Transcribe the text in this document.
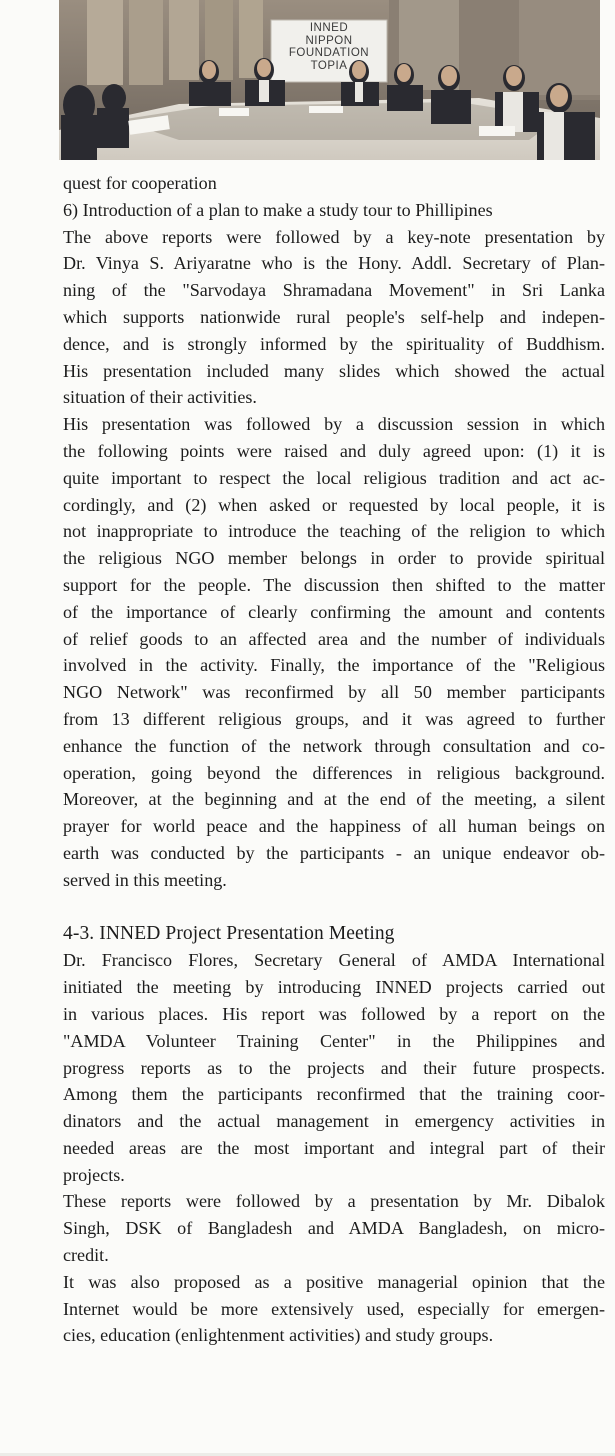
INNED
NIPPON
FOUNDATION
TOPIA

quest for cooperation

6) Introduction of a plan to make a study tour to Phillipines

The above reports were followed by a key-note presentation by
Dr. Vinya S. Ariyaratne who is the Hony. Addl. Secretary of Plan-
ning of the "Sarvodaya Shramadana Movement" in Sri Lanka
which supports nationwide rural people's self-help and indepen-
dence, and is strongly informed by the spirituality of Buddhism.
His presentation included many slides which showed the actual
situation of their activities.

His presentation was followed by a discussion session in which
the following points were raised and duly agreed upon: (1) it is
quite important to respect the local religious tradition and act ac-
cordingly, and (2) when asked or requested by local people, it is
not inappropriate to introduce the teaching of the religion to which
the religious NGO member belongs in order to provide spiritual
support for the people. The discussion then shifted to the matter
of the importance of clearly confirming the amount and contents
of relief goods to an affected area and the number of individuals
involved in the activity. Finally, the importance of the "Religious
NGO Network" was reconfirmed by all 50 member participants
from 13 different religious groups, and it was agreed to further
enhance the function of the network through consultation and co-
operation, going beyond the differences in religious background.
Moreover, at the beginning and at the end of the meeting, a silent
prayer for world peace and the happiness of all human beings on
earth was conducted by the participants - an unique endeavor ob-
served in this meeting.

4-3. INNED Project Presentation Meeting

Dr. Francisco Flores, Secretary General of AMDA International
initiated the meeting by introducing INNED projects carried out
in various places. His report was followed by a report on the
"AMDA Volunteer Training Center" in the Philippines and
progress reports as to the projects and their future prospects.
Among them the participants reconfirmed that the training coor-
dinators and the actual management in emergency activities in
needed areas are the most important and integral part of their
projects.

These reports were followed by a presentation by Mr. Dibalok
Singh, DSK of Bangladesh and AMDA Bangladesh, on micro-
credit.

It was also proposed as a positive managerial opinion that the
Internet would be more extensively used, especially for emergen-
cies, education (enlightenment activities) and study groups.
